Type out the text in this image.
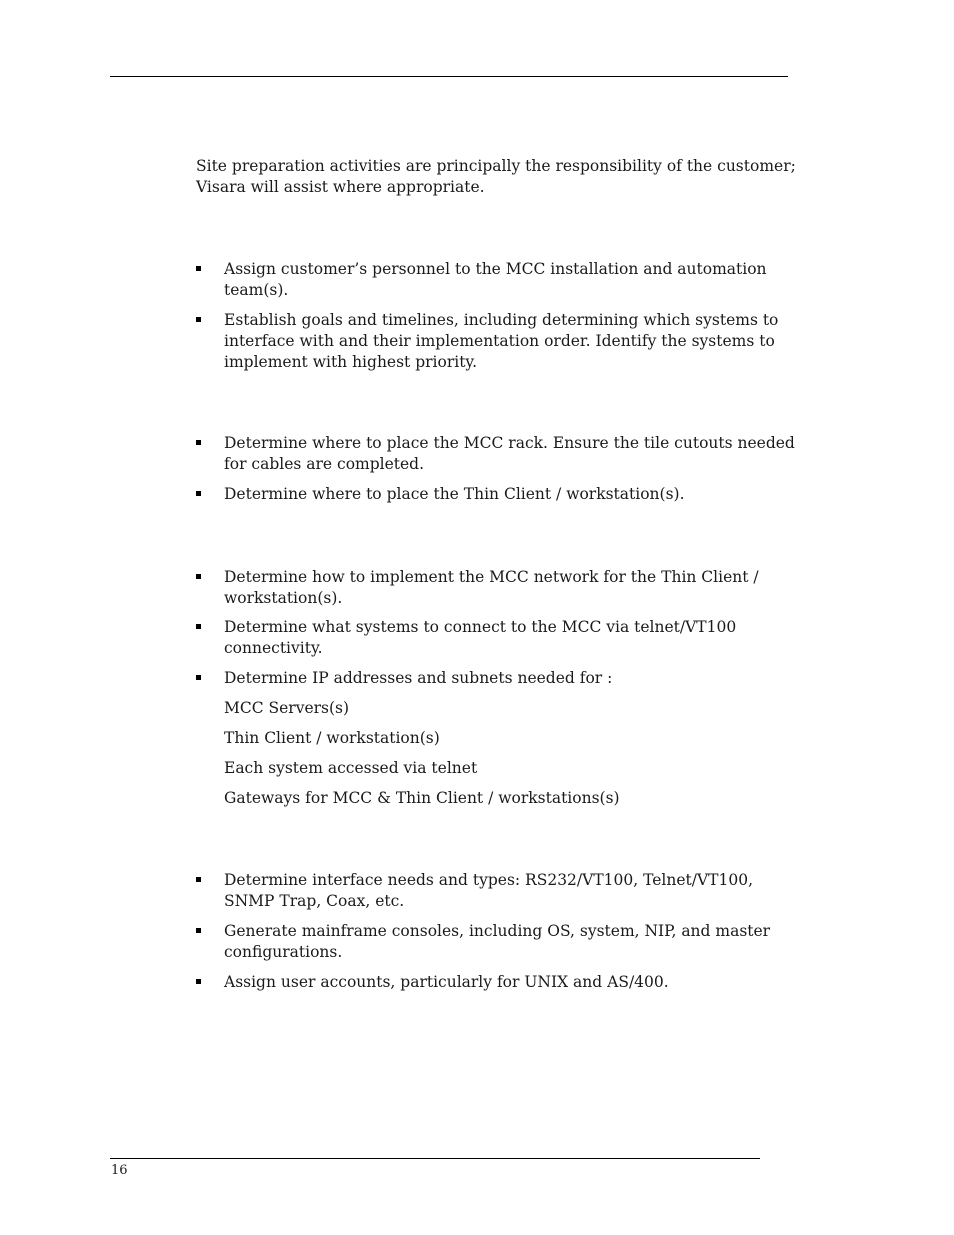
Site preparation activities are principally the responsibility of the customer; Visara will assist where appropriate.
Assign customer’s personnel to the MCC installation and automation team(s).
Establish goals and timelines, including determining which systems to interface with and their implementation order. Identify the systems to implement with highest priority.
Determine where to place the MCC rack. Ensure the tile cutouts needed for cables are completed.
Determine where to place the Thin Client / workstation(s).
Determine how to implement the MCC network for the Thin Client / workstation(s).
Determine what systems to connect to the MCC via telnet/VT100 connectivity.
Determine IP addresses and subnets needed for :
MCC Servers(s)
Thin Client / workstation(s)
Each system accessed via telnet
Gateways for MCC & Thin Client / workstations(s)
Determine interface needs and types: RS232/VT100, Telnet/VT100, SNMP Trap, Coax, etc.
Generate mainframe consoles, including OS, system, NIP, and master configurations.
Assign user accounts, particularly for UNIX and AS/400.
16
